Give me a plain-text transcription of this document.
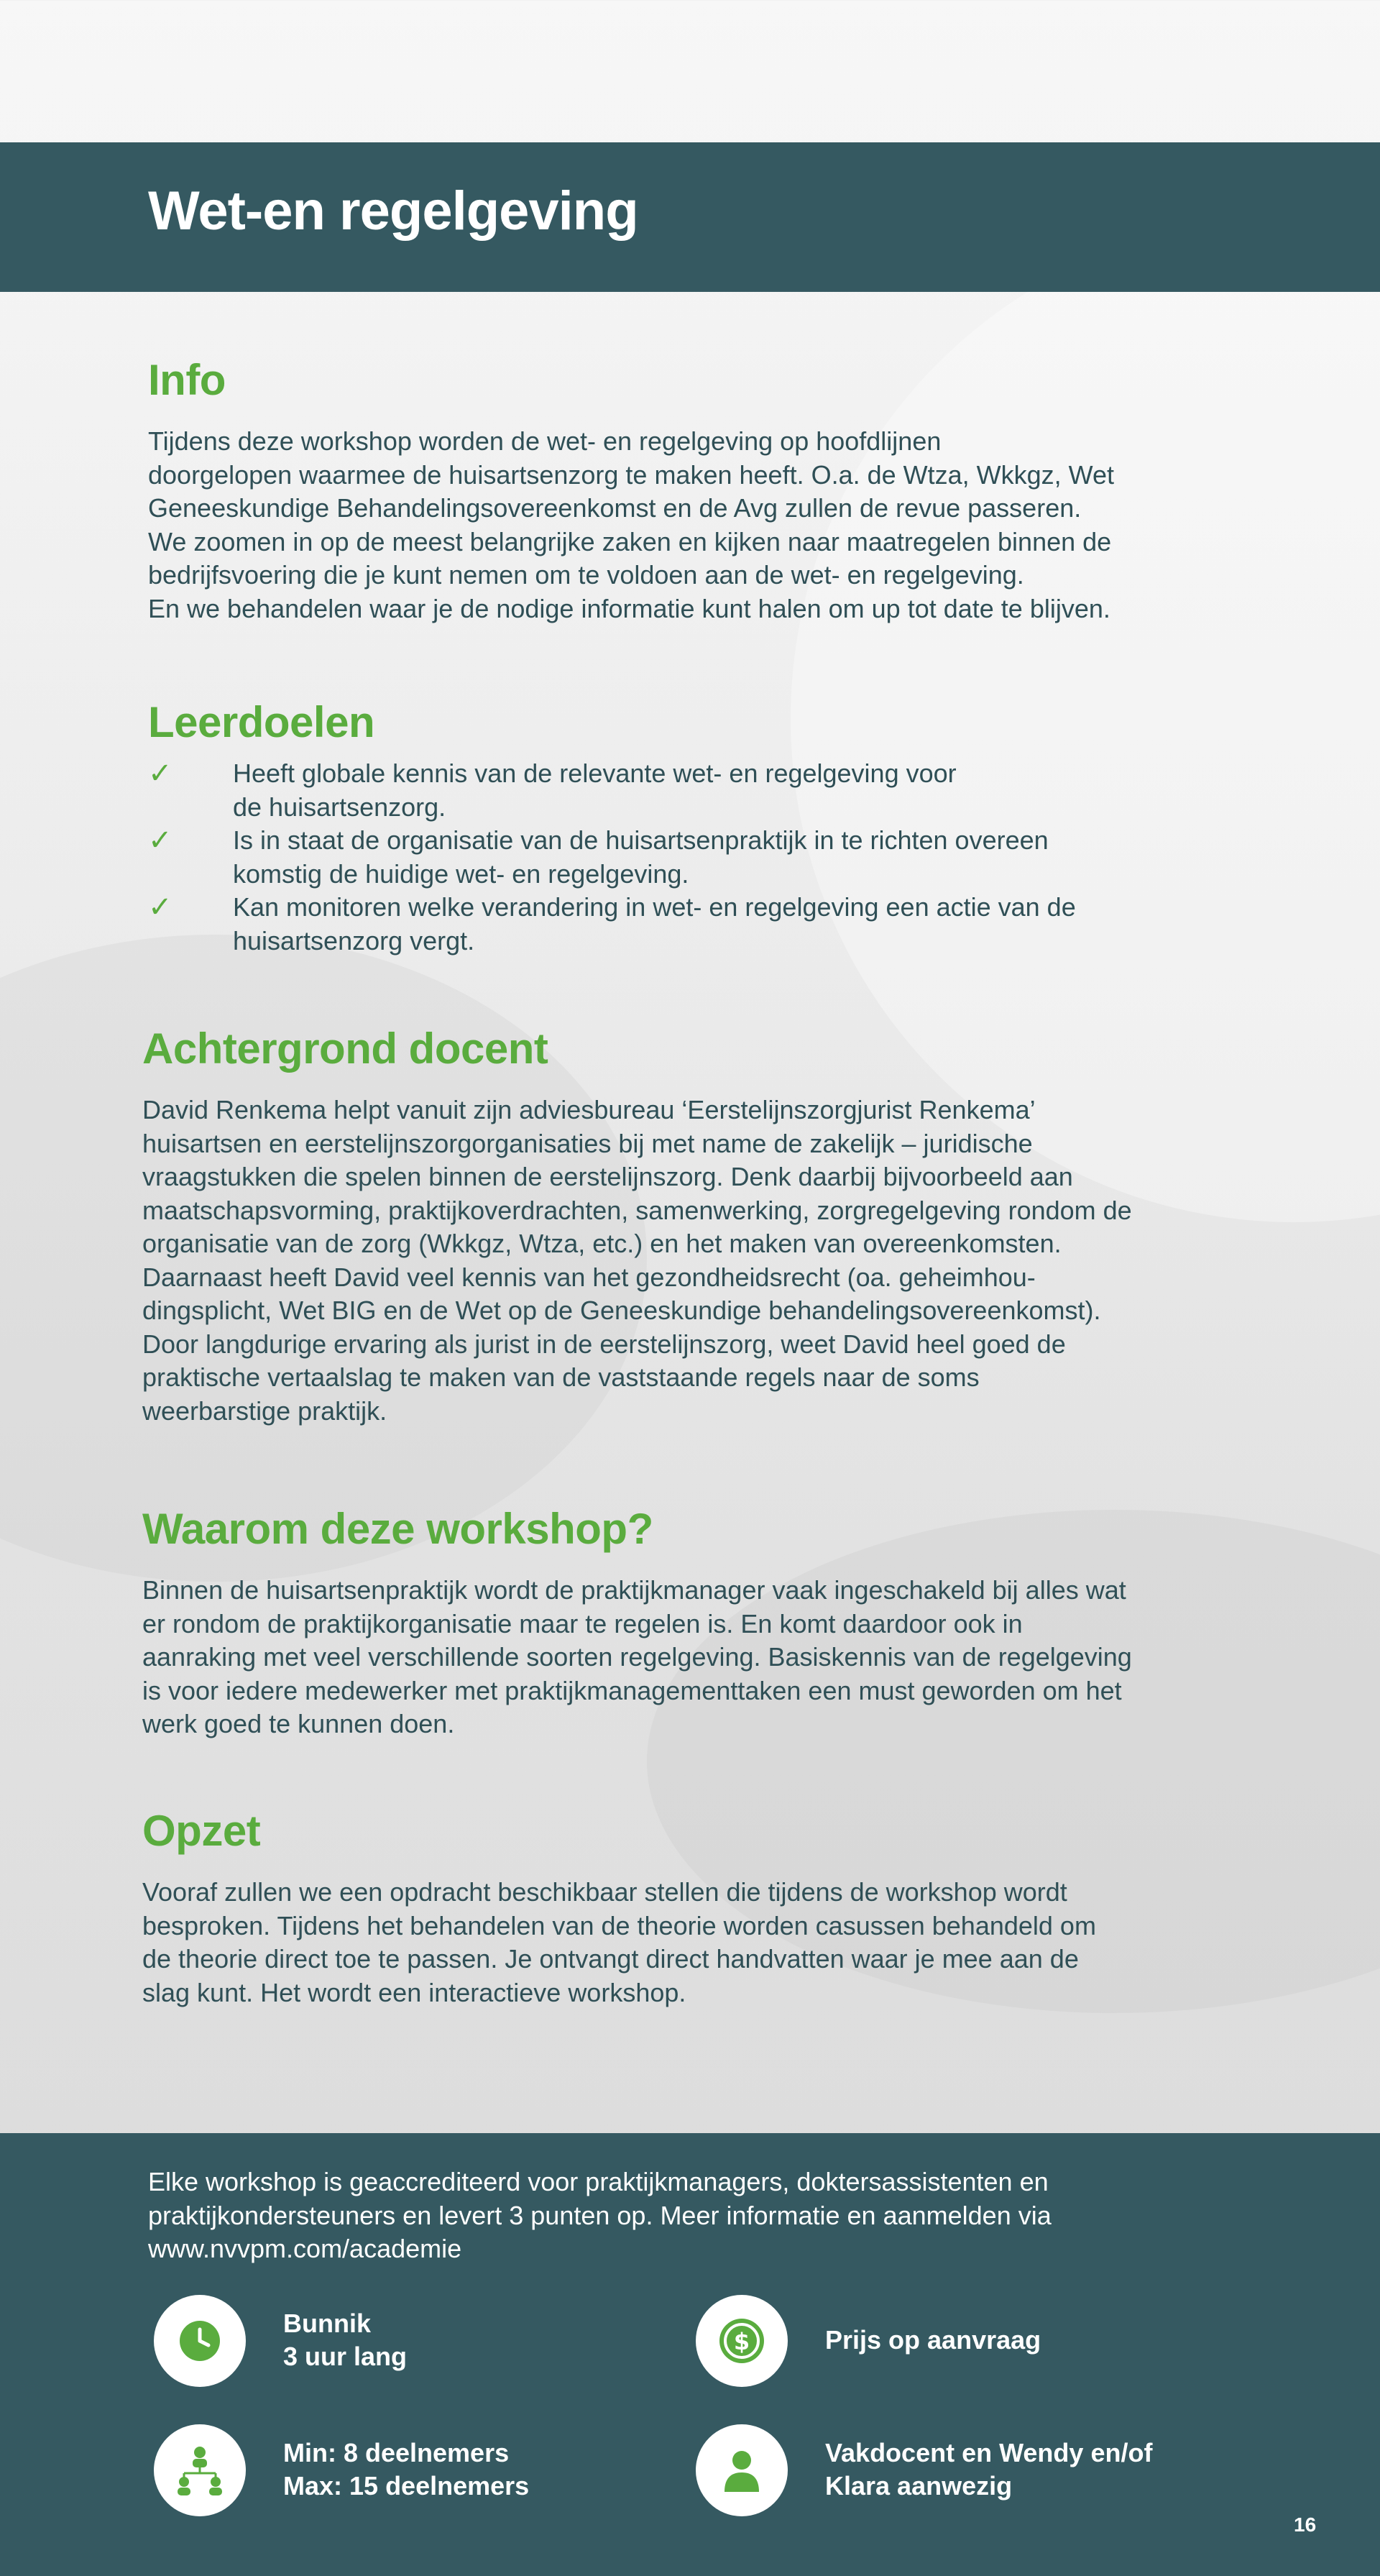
Wet-en regelgeving
Info

Tijdens deze workshop worden de wet- en regelgeving op hoofdlijnen
doorgelopen waarmee de huisartsenzorg te maken heeft. O.a. de Wtza, Wkkgz, Wet
Geneeskundige Behandelingsovereenkomst en de Avg zullen de revue passeren.
We zoomen in op de meest belangrijke zaken en kijken naar maatregelen binnen de
bedrijfsvoering die je kunt nemen om te voldoen aan de wet- en regelgeving.
En we behandelen waar je de nodige informatie kunt halen om up tot date te blijven.

Leerdoelen
✓ Heeft globale kennis van de relevante wet- en regelgeving voor
de huisartsenzorg.
✓ Is in staat de organisatie van de huisartsenpraktijk in te richten overeen
komstig de huidige wet- en regelgeving.
✓ Kan monitoren welke verandering in wet- en regelgeving een actie van de
huisartsenzorg vergt.
Achtergrond docent

David Renkema helpt vanuit zijn adviesbureau ‘Eerstelijnszorgjurist Renkema’
huisartsen en eerstelijnszorgorganisaties bij met name de zakelijk – juridische
vraagstukken die spelen binnen de eerstelijnszorg. Denk daarbij bijvoorbeeld aan
maatschapsvorming, praktijkoverdrachten, samenwerking, zorgregelgeving rondom de
organisatie van de zorg (Wkkgz, Wtza, etc.) en het maken van overeenkomsten.
Daarnaast heeft David veel kennis van het gezondheidsrecht (oa. geheimhou-
dingsplicht, Wet BIG en de Wet op de Geneeskundige behandelingsovereenkomst).
Door langdurige ervaring als jurist in de eerstelijnszorg, weet David heel goed de
praktische vertaalslag te maken van de vaststaande regels naar de soms
weerbarstige praktijk.

Waarom deze workshop?

Binnen de huisartsenpraktijk wordt de praktijkmanager vaak ingeschakeld bij alles wat
er rondom de praktijkorganisatie maar te regelen is. En komt daardoor ook in
aanraking met veel verschillende soorten regelgeving. Basiskennis van de regelgeving
is voor iedere medewerker met praktijkmanagementtaken een must geworden om het
werk goed te kunnen doen.

Opzet

Vooraf zullen we een opdracht beschikbaar stellen die tijdens de workshop wordt
besproken. Tijdens het behandelen van de theorie worden casussen behandeld om
de theorie direct toe te passen. Je ontvangt direct handvatten waar je mee aan de
slag kunt. Het wordt een interactieve workshop.

Elke workshop is geaccrediteerd voor praktijkmanagers, doktersassistenten en
praktijkondersteuners en levert 3 punten op. Meer informatie en aanmelden via
www.nvvpm.com/academie

Bunnik
3 uur lang	$	Prijs op aanvraag
Min: 8 deelnemers
Max: 15 deelnemers
Vakdocent en Wendy en/of
Klara aanwezig
16
